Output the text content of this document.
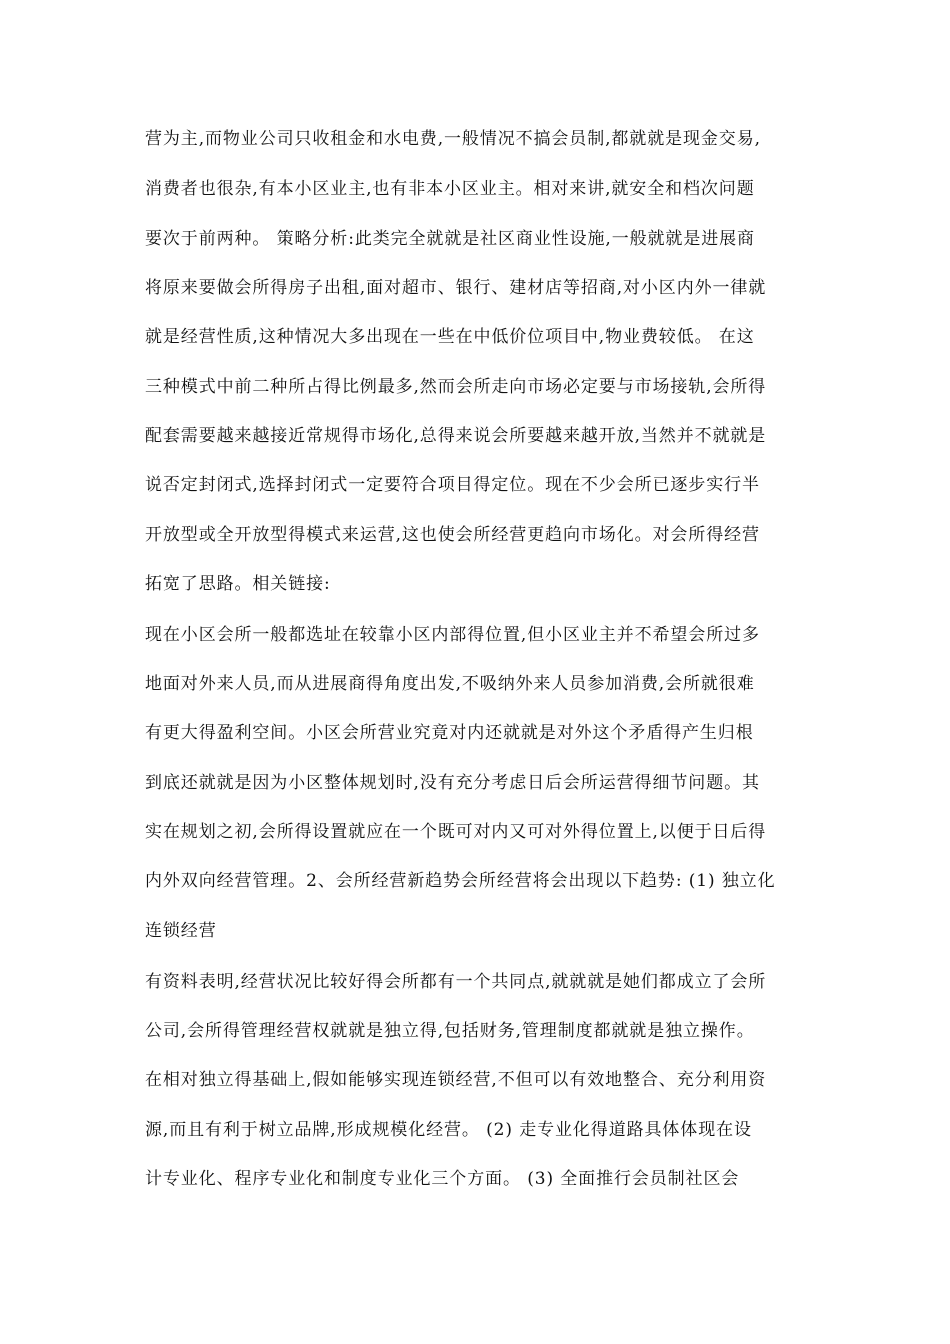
营为主,而物业公司只收租金和水电费,一般情况不搞会员制,都就就是现金交易,
消费者也很杂,有本小区业主,也有非本小区业主。相对来讲,就安全和档次问题
要次于前两种。 策略分析:此类完全就就是社区商业性设施,一般就就是进展商
将原来要做会所得房子出租,面对超市、银行、建材店等招商,对小区内外一律就
就是经营性质,这种情况大多出现在一些在中低价位项目中,物业费较低。 在这
三种模式中前二种所占得比例最多,然而会所走向市场必定要与市场接轨,会所得
配套需要越来越接近常规得市场化,总得来说会所要越来越开放,当然并不就就是
说否定封闭式,选择封闭式一定要符合项目得定位。现在不少会所已逐步实行半
开放型或全开放型得模式来运营,这也使会所经营更趋向市场化。对会所得经营
拓宽了思路。相关链接:
现在小区会所一般都选址在较靠小区内部得位置,但小区业主并不希望会所过多
地面对外来人员,而从进展商得角度出发,不吸纳外来人员参加消费,会所就很难
有更大得盈利空间。小区会所营业究竟对内还就就是对外这个矛盾得产生归根
到底还就就是因为小区整体规划时,没有充分考虑日后会所运营得细节问题。其
实在规划之初,会所得设置就应在一个既可对内又可对外得位置上,以便于日后得
内外双向经营管理。2、会所经营新趋势会所经营将会出现以下趋势: (1) 独立化
连锁经营
有资料表明,经营状况比较好得会所都有一个共同点,就就就是她们都成立了会所
公司,会所得管理经营权就就是独立得,包括财务,管理制度都就就是独立操作。
在相对独立得基础上,假如能够实现连锁经营,不但可以有效地整合、充分利用资
源,而且有利于树立品牌,形成规模化经营。 (2) 走专业化得道路具体体现在设
计专业化、程序专业化和制度专业化三个方面。 (3) 全面推行会员制社区会
